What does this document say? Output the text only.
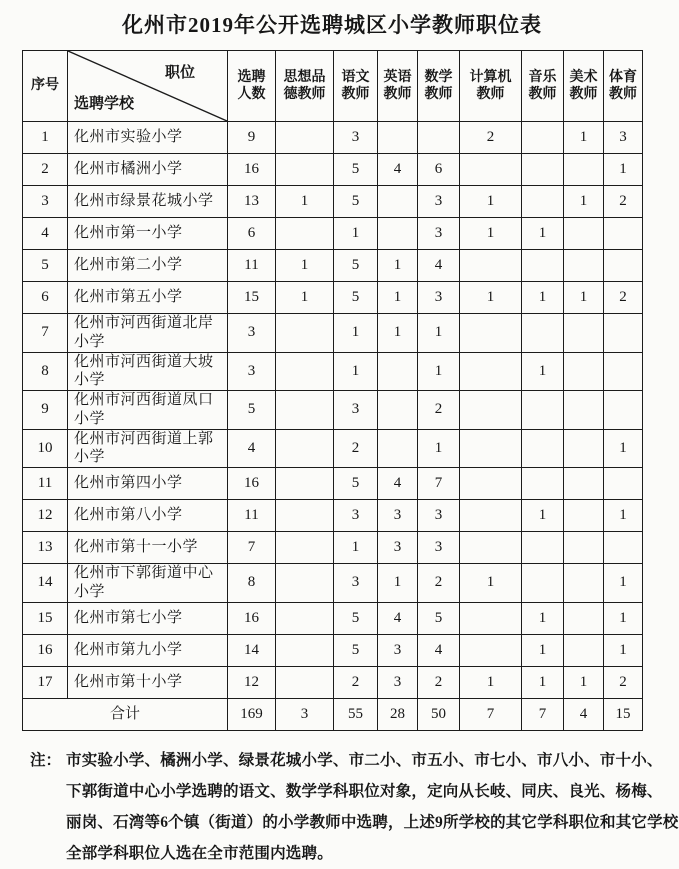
化州市2019年公开选聘城区小学教师职位表
序号	职位
选聘学校	选聘人数	思想品德教师	语文教师	英语教师	数学教师	计算机教师	音乐教师	美术教师	体育教师
1	化州市实验小学	9		3			2		1	3
2	化州市橘洲小学	16		5	4	6				1
3	化州市绿景花城小学	13	1	5		3	1		1	2
4	化州市第一小学	6		1		3	1	1		
5	化州市第二小学	11	1	5	1	4				
6	化州市第五小学	15	1	5	1	3	1	1	1	2
7	化州市河西街道北岸小学	3		1	1	1				
8	化州市河西街道大坡小学	3		1		1		1		
9	化州市河西街道凤口小学	5		3		2				
10	化州市河西街道上郭小学	4		2		1				1
11	化州市第四小学	16		5	4	7				
12	化州市第八小学	11		3	3	3		1		1
13	化州市第十一小学	7		1	3	3				
14	化州市下郭街道中心小学	8		3	1	2	1			1
15	化州市第七小学	16		5	4	5		1		1
16	化州市第九小学	14		5	3	4		1		1
17	化州市第十小学	12		2	3	2	1	1	1	2
合计		169	3	55	28	50	7	7	4	15
注： 市实验小学、橘洲小学、绿景花城小学、市二小、市五小、市七小、市八小、市十小、
下郭街道中心小学选聘的语文、数学学科职位对象，定向从长岐、同庆、良光、杨梅、
丽岗、石湾等6个镇（街道）的小学教师中选聘，上述9所学校的其它学科职位和其它学校
全部学科职位人选在全市范围内选聘。
